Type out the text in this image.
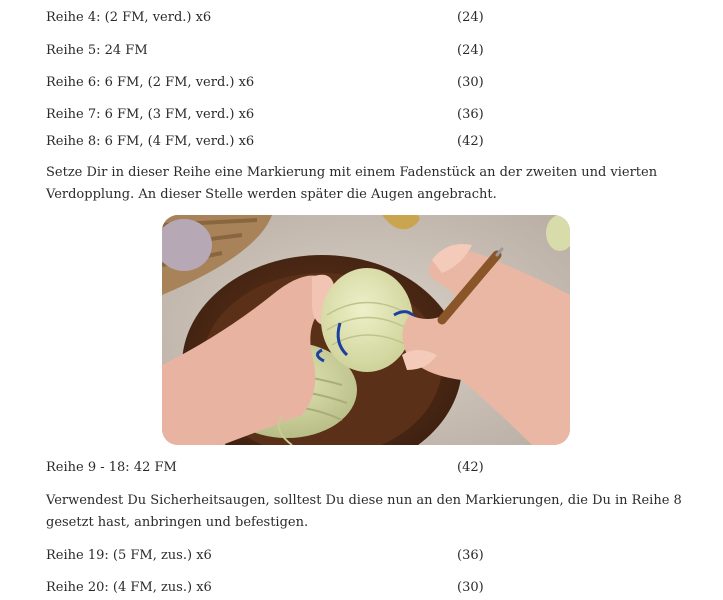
Reihe 4: (2 FM, verd.) x6	(24)
Reihe 5: 24 FM	(24)
Reihe 6: 6 FM, (2 FM, verd.) x6	(30)
Reihe 7: 6 FM, (3 FM, verd.) x6	(36)
Reihe 8: 6 FM, (4 FM, verd.) x6	(42)
Setze Dir in dieser Reihe eine Markierung mit einem Fadenstück an der zweiten und vierten Verdopplung. An dieser Stelle werden später die Augen angebracht.
Reihe 9 - 18: 42 FM	(42)
Verwendest Du Sicherheitsaugen, solltest Du diese nun an den Markierungen, die Du in Reihe 8 gesetzt hast, anbringen und befestigen.
Reihe 19: (5 FM, zus.) x6	(36)
Reihe 20: (4 FM, zus.) x6	(30)
